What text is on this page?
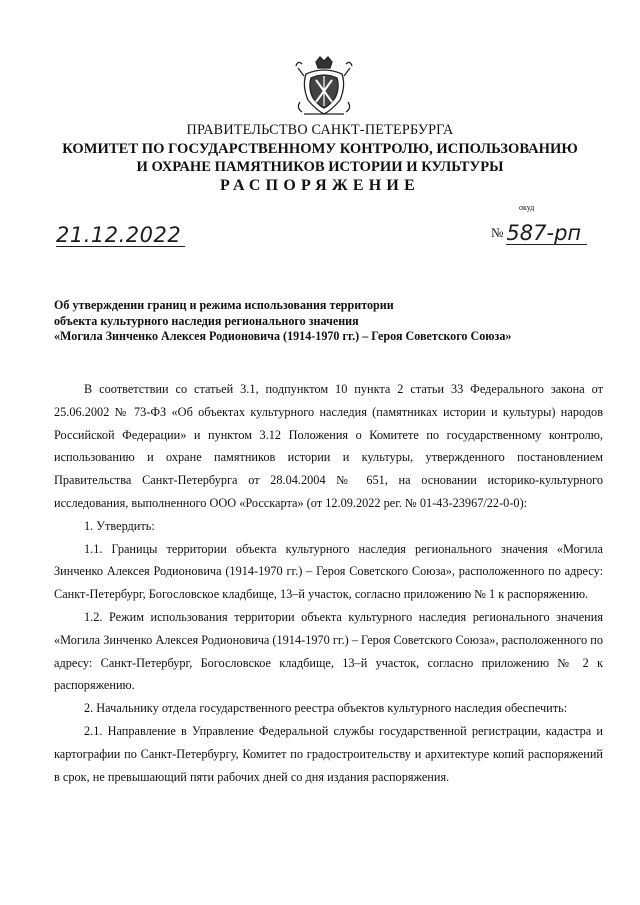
ПРАВИТЕЛЬСТВО САНКТ-ПЕТЕРБУРГА
КОМИТЕТ ПО ГОСУДАРСТВЕННОМУ КОНТРОЛЮ, ИСПОЛЬЗОВАНИЮ
И ОХРАНЕ ПАМЯТНИКОВ ИСТОРИИ И КУЛЬТУРЫ
РАСПОРЯЖЕНИЕ
окуд
21.12.2022	№ 587-рп
Об утверждении границ и режима использования территории
объекта культурного наследия регионального значения
«Могила Зинченко Алексея Родионовича (1914-1970 гг.) – Героя Советского Союза»

В соответствии со статьей 3.1, подпунктом 10 пункта 2 статьи 33 Федерального закона от 25.06.2002 № 73-ФЗ «Об объектах культурного наследия (памятниках истории и культуры) народов Российской Федерации» и пунктом 3.12 Положения о Комитете по государственному контролю, использованию и охране памятников истории и культуры, утвержденного постановлением Правительства Санкт-Петербурга от 28.04.2004 № 651, на основании историко-культурного исследования, выполненного ООО «Росскарта» (от 12.09.2022 рег. № 01-43-23967/22-0-0):

1. Утвердить:

1.1. Границы территории объекта культурного наследия регионального значения «Могила Зинченко Алексея Родионовича (1914-1970 гг.) – Героя Советского Союза», расположенного по адресу: Санкт-Петербург, Богословское кладбище, 13–й участок, согласно приложению № 1 к распоряжению.

1.2. Режим использования территории объекта культурного наследия регионального значения «Могила Зинченко Алексея Родионовича (1914-1970 гг.) – Героя Советского Союза», расположенного по адресу: Санкт-Петербург, Богословское кладбище, 13–й участок, согласно приложению № 2 к распоряжению.

2. Начальнику отдела государственного реестра объектов культурного наследия обеспечить:

2.1. Направление в Управление Федеральной службы государственной регистрации, кадастра и картографии по Санкт-Петербургу, Комитет по градостроительству и архитектуре копий распоряжений в срок, не превышающий пяти рабочих дней со дня издания распоряжения.
